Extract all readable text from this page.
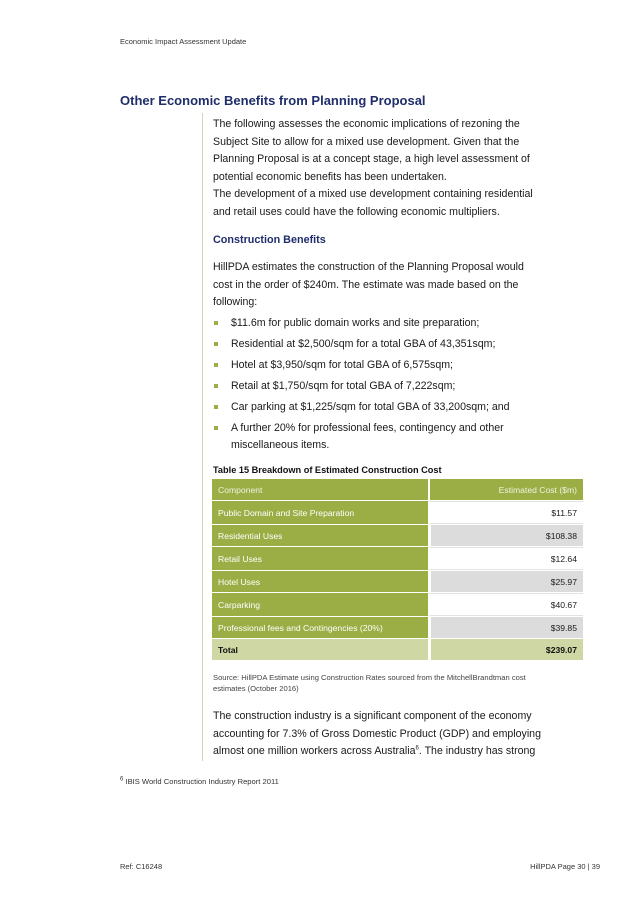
Economic Impact Assessment Update
Other Economic Benefits from Planning Proposal
The following assesses the economic implications of rezoning the Subject Site to allow for a mixed use development. Given that the Planning Proposal is at a concept stage, a high level assessment of potential economic benefits has been undertaken.
The development of a mixed use development containing residential and retail uses could have the following economic multipliers.
Construction Benefits
HillPDA estimates the construction of the Planning Proposal would cost in the order of $240m. The estimate was made based on the following:
$11.6m for public domain works and site preparation;
Residential at $2,500/sqm for a total GBA of 43,351sqm;
Hotel at $3,950/sqm for total GBA of 6,575sqm;
Retail at $1,750/sqm for total GBA of 7,222sqm;
Car parking at $1,225/sqm for total GBA of 33,200sqm; and
A further 20% for professional fees, contingency and other miscellaneous items.
Table 15 Breakdown of Estimated Construction Cost
Component	Estimated Cost ($m)
Public Domain and Site Preparation	$11.57
Residential Uses	$108.38
Retail Uses	$12.64
Hotel Uses	$25.97
Carparking	$40.67
Professional fees and Contingencies (20%)	$39.85
Total	$239.07
Source: HillPDA Estimate using Construction Rates sourced from the MitchellBrandtman cost estimates (October 2016)
The construction industry is a significant component of the economy accounting for 7.3% of Gross Domestic Product (GDP) and employing almost one million workers across Australia$^6$. The industry has strong
$^6$ IBIS World Construction Industry Report 2011
Ref: C16248	HillPDA Page 30 | 39
